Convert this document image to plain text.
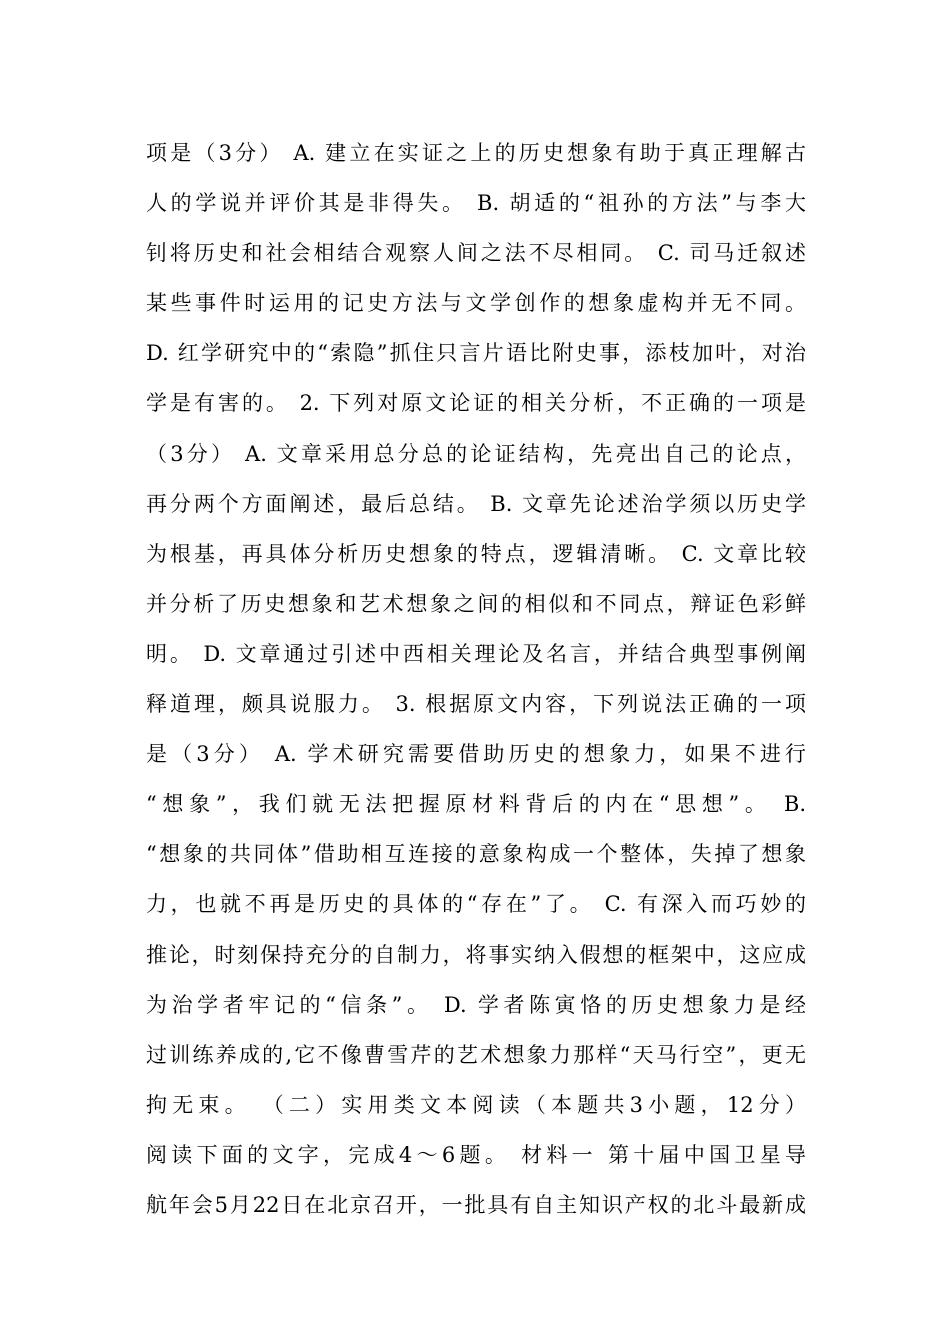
项是（3分） A. 建立在实证之上的历史想象有助于真正理解古
人的学说并评价其是非得失。 B. 胡适的“祖孙的方法”与李大
钊将历史和社会相结合观察人间之法不尽相同。 C. 司马迁叙述
某些事件时运用的记史方法与文学创作的想象虚构并无不同。
D. 红学研究中的“索隐”抓住只言片语比附史事，添枝加叶，对治
学是有害的。 2. 下列对原文论证的相关分析，不正确的一项是
（3分） A. 文章采用总分总的论证结构，先亮出自己的论点，
再分两个方面阐述，最后总结。 B. 文章先论述治学须以历史学
为根基，再具体分析历史想象的特点，逻辑清晰。 C. 文章比较
并分析了历史想象和艺术想象之间的相似和不同点，辩证色彩鲜
明。 D. 文章通过引述中西相关理论及名言，并结合典型事例阐
释道理，颇具说服力。 3. 根据原文内容，下列说法正确的一项
是（3分） A. 学术研究需要借助历史的想象力，如果不进行
“想象”，我们就无法把握原材料背后的内在“思想”。 B.
“想象的共同体”借助相互连接的意象构成一个整体，失掉了想象
力，也就不再是历史的具体的“存在”了。 C. 有深入而巧妙的
推论，时刻保持充分的自制力，将事实纳入假想的框架中，这应成
为治学者牢记的“信条”。 D. 学者陈寅恪的历史想象力是经
过训练养成的,它不像曹雪芹的艺术想象力那样“天马行空”，更无
拘无束。 （二）实用类文本阅读（本题共3小题，12分）
阅读下面的文字，完成4～6题。 材料一 第十届中国卫星导
航年会5月22日在北京召开，一批具有自主知识产权的北斗最新成
